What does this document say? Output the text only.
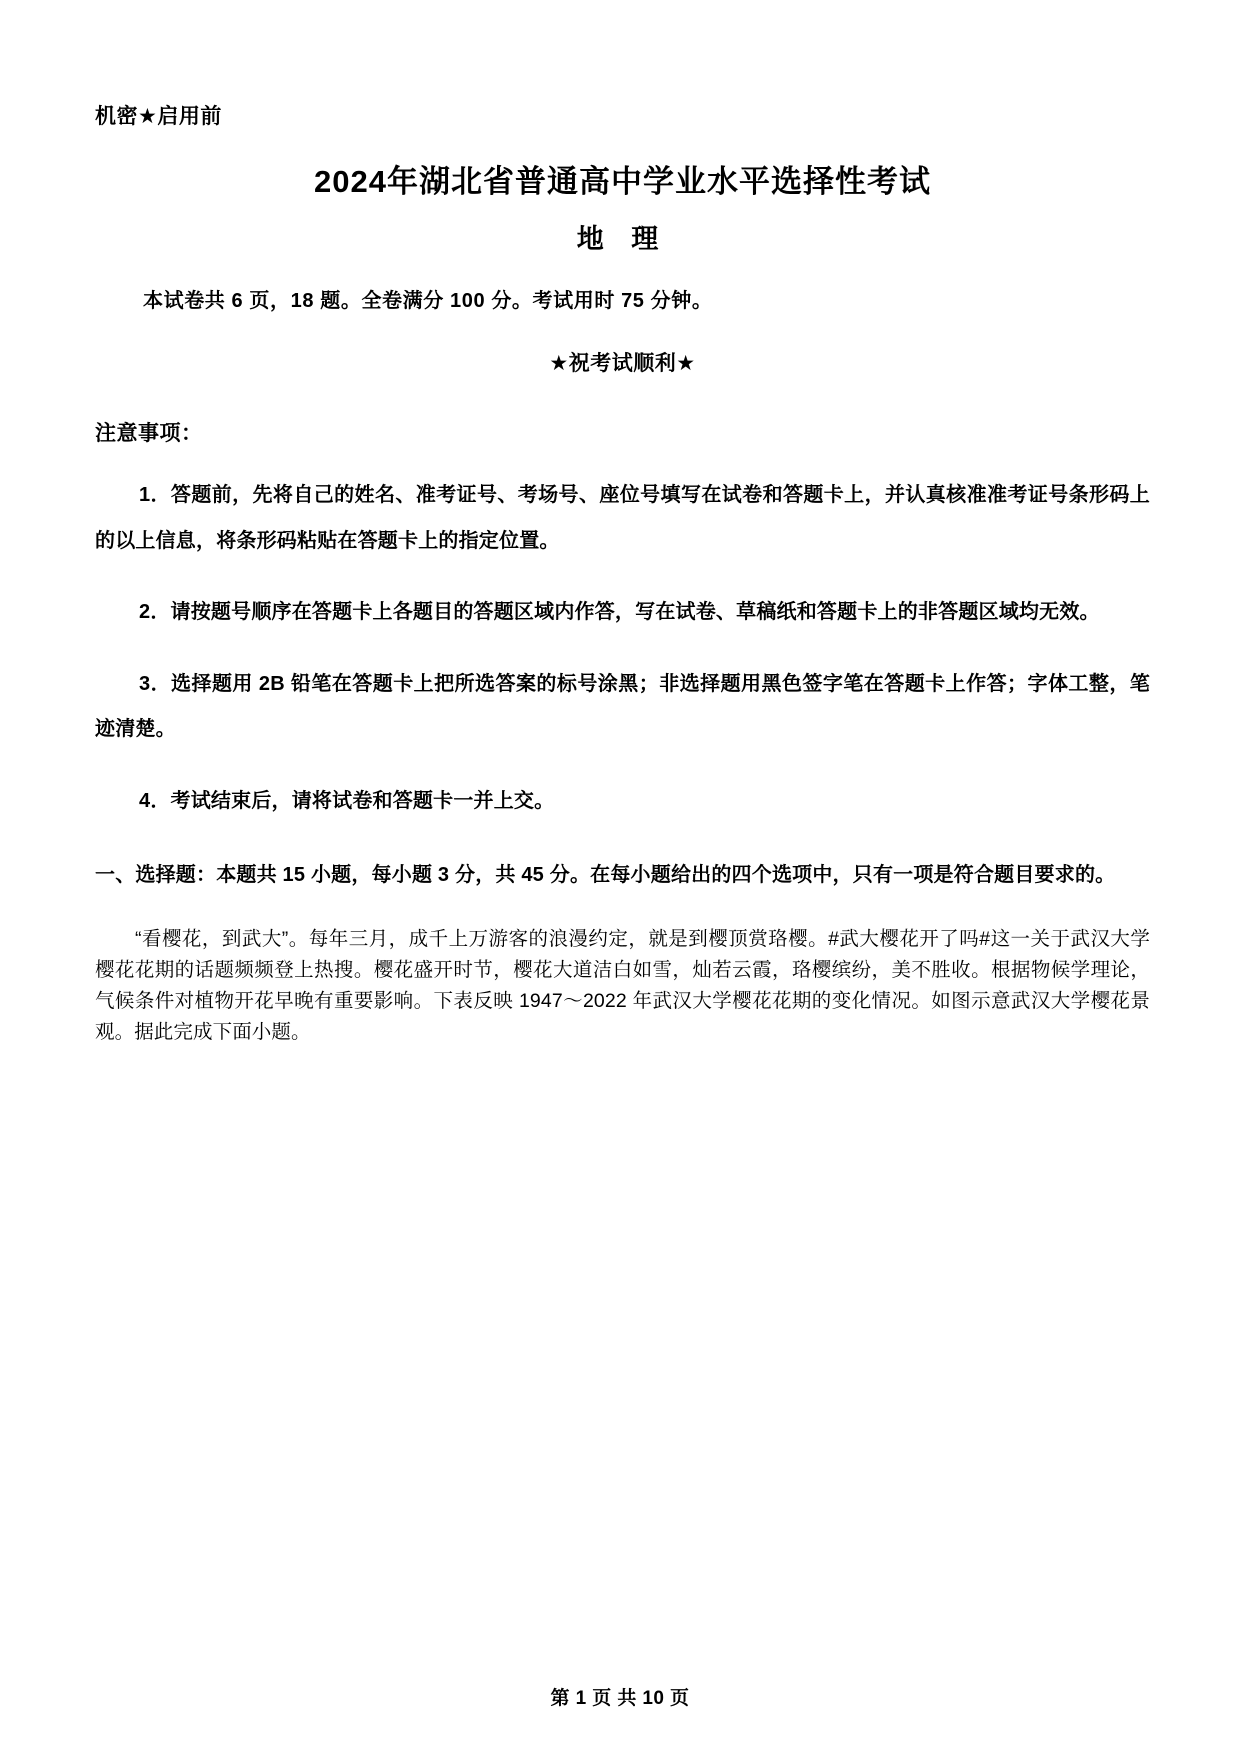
机密★启用前
2024年湖北省普通高中学业水平选择性考试
地 理
本试卷共 6 页，18 题。全卷满分 100 分。考试用时 75 分钟。
★祝考试顺利★
注意事项：

1．答题前，先将自己的姓名、准考证号、考场号、座位号填写在试卷和答题卡上，并认真核准准考证号条形码上的以上信息，将条形码粘贴在答题卡上的指定位置。

2．请按题号顺序在答题卡上各题目的答题区域内作答，写在试卷、草稿纸和答题卡上的非答题区域均无效。

3．选择题用 2B 铅笔在答题卡上把所选答案的标号涂黑；非选择题用黑色签字笔在答题卡上作答；字体工整，笔迹清楚。

4．考试结束后，请将试卷和答题卡一并上交。

一、选择题：本题共 15 小题，每小题 3 分，共 45 分。在每小题给出的四个选项中，只有一项是符合题目要求的。

“看樱花，到武大”。每年三月，成千上万游客的浪漫约定，就是到樱顶赏珞樱。#武大樱花开了吗#这一关于武汉大学樱花花期的话题频频登上热搜。樱花盛开时节，樱花大道洁白如雪，灿若云霞，珞樱缤纷，美不胜收。根据物候学理论，气候条件对植物开花早晚有重要影响。下表反映 1947～2022 年武汉大学樱花花期的变化情况。如图示意武汉大学樱花景观。据此完成下面小题。

第 1 页 共 10 页
